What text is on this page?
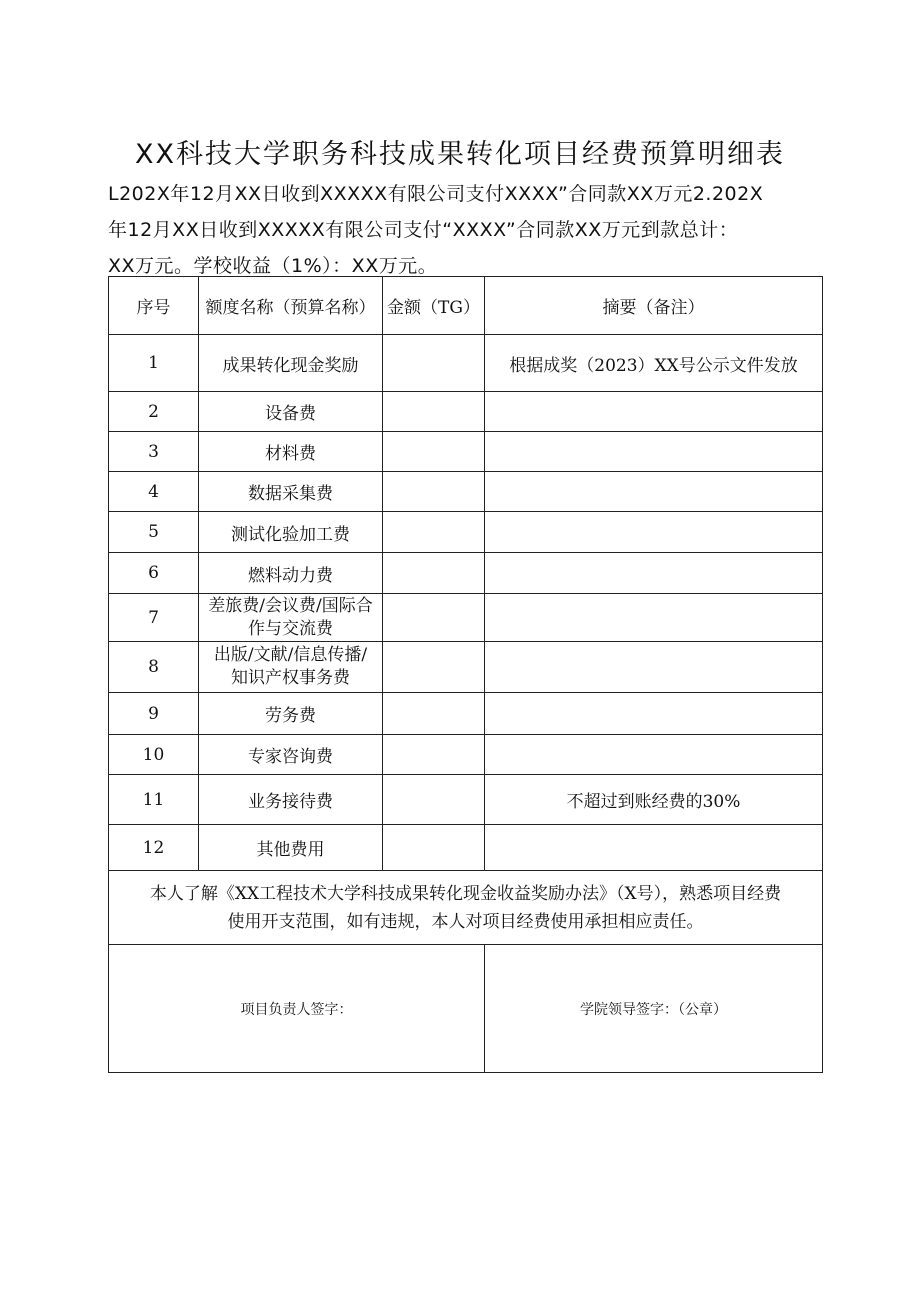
XX科技大学职务科技成果转化项目经费预算明细表
L202X年12月XX日收到XXXXX有限公司支付XXXX”合同款XX万元2.202X
年12月XX日收到XXXXX有限公司支付“XXXX”合同款XX万元到款总计：
XX万元。学校收益（1%）：XX万元。
序号	额度名称（预算名称）	金额（TG）	摘要（备注）
1	成果转化现金奖励		根据成奖（2023）XX号公示文件发放
2	设备费		
3	材料费		
4	数据采集费		
5	测试化验加工费		
6	燃料动力费		
7	差旅费/会议费/国际合
作与交流费		

8	出版/文献/信息传播/
知识产权事务费		

9	劳务费		
10	专家咨询费		
11	业务接待费		不超过到账经费的30%
12	其他费用		

本人了解《XX工程技术大学科技成果转化现金收益奖励办法》（X号），熟悉项目经费
使用开支范围，如有违规，本人对项目经费使用承担相应责任。			

项目负责人签字：			学院领导签字：（公章）
